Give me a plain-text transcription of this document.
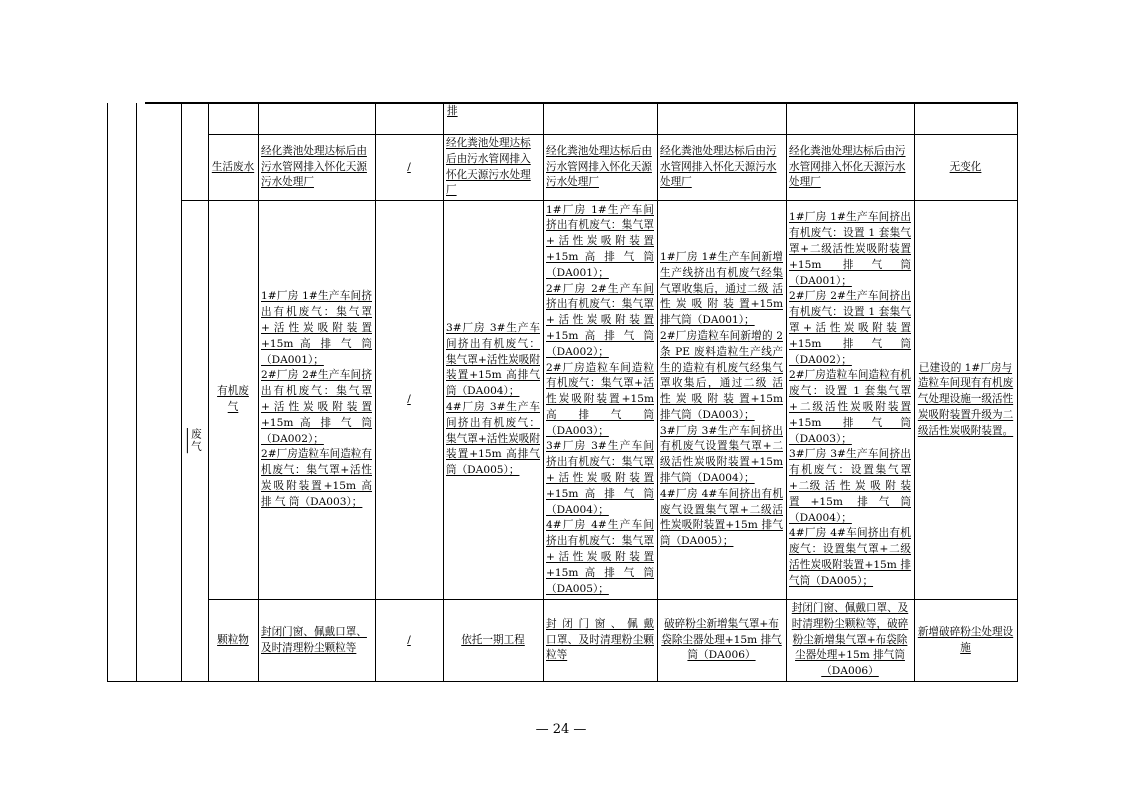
排
生活废水
经化粪池处理达标后由污水管网排入怀化天源污水处理厂
/
经化粪池处理达标后由污水管网排入怀化天源污水处理厂
经化粪池处理达标后由污水管网排入怀化天源污水处理厂
经化粪池处理达标后由污水管网排入怀化天源污水处理厂
经化粪池处理达标后由污水管网排入怀化天源污水处理厂
无变化
废气
有机废气
1#厂房 1#生产车间挤出有机废气：集气罩+活性炭吸附装置+15m 高 排 气 筒（DA001）；
2#厂房 2#生产车间挤出有机废气：集气罩+活性炭吸附装置+15m 高 排 气 筒（DA002）；
2#厂房造粒车间造粒有机废气：集气罩+活性炭吸附装置+15m 高 排 气 筒（DA003）；
/
3#厂房 3#生产车间挤出有机废气：集气罩+活性炭吸附装置+15m 高排气筒（DA004）；
4#厂房 3#生产车间挤出有机废气：集气罩+活性炭吸附装置+15m 高排气筒（DA005）；
1#厂房 1#生产车间挤出有机废气：集气罩+活性炭吸附装置+15m 高 排 气 筒（DA001）；
2#厂房 2#生产车间挤出有机废气：集气罩+活性炭吸附装置+15m 高 排 气 筒（DA002）；
2#厂房造粒车间造粒有机废气：集气罩+活性炭吸附装置+15m 高 排 气 筒（DA003）；
3#厂房 3#生产车间挤出有机废气：集气罩+活性炭吸附装置+15m 高 排 气 筒（DA004）；
4#厂房 4#生产车间挤出有机废气：集气罩+活性炭吸附装置+15m 高 排 气 筒（DA005）；
1#厂房 1#生产车间新增生产线挤出有机废气经集气罩收集后，通过二级 活 性 炭 吸 附 装 置+15m 排气筒（DA001）；
2#厂房造粒车间新增的 2 条 PE 废料造粒生产线产生的造粒有机废气经集气罩收集后，通过二级 活 性 炭 吸 附 装 置+15m 排气筒（DA003）；
3#厂房 3#生产车间挤出有机废气设置集气罩+二级活性炭吸附装置+15m 排气筒（DA004）；
4#厂房 4#车间挤出有机废气设置集气罩+二级活性炭吸附装置+15m 排气筒（DA005）；
1#厂房 1#生产车间挤出有机废气：设置 1 套集气罩+二级活性炭吸附装置+15m 排气筒（DA001）；
2#厂房 2#生产车间挤出有机废气：设置 1 套集气罩+活性炭吸附装置+15m 排气筒（DA002）；
2#厂房造粒车间造粒有机废气：设置 1 套集气罩+二级活性炭吸附装置+15m 排气筒（DA003）；
3#厂房 3#生产车间挤出有机废气：设置集气罩+二级 活 性 炭 吸 附 装 置+15m 排气筒（DA004）；
4#厂房 4#车间挤出有机废气：设置集气罩+二级活性炭吸附装置+15m 排气筒（DA005）；
已建设的 1#厂房与造粒车间现有有机废气处理设施一级活性炭吸附装置升级为二级活性炭吸附装置。
颗粒物
封闭门窗、佩戴口罩、及时清理粉尘颗粒等
/	依托一期工程
封 闭 门 窗 、 佩 戴 口罩、及时清理粉尘颗粒等
破碎粉尘新增集气罩+布袋除尘器处理+15m 排气筒（DA006）
封闭门窗、佩戴口罩、及时清理粉尘颗粒等，破碎粉尘新增集气罩+布袋除尘器处理+15m 排气筒（DA006）
新增破碎粉尘处理设施
— 24 —
